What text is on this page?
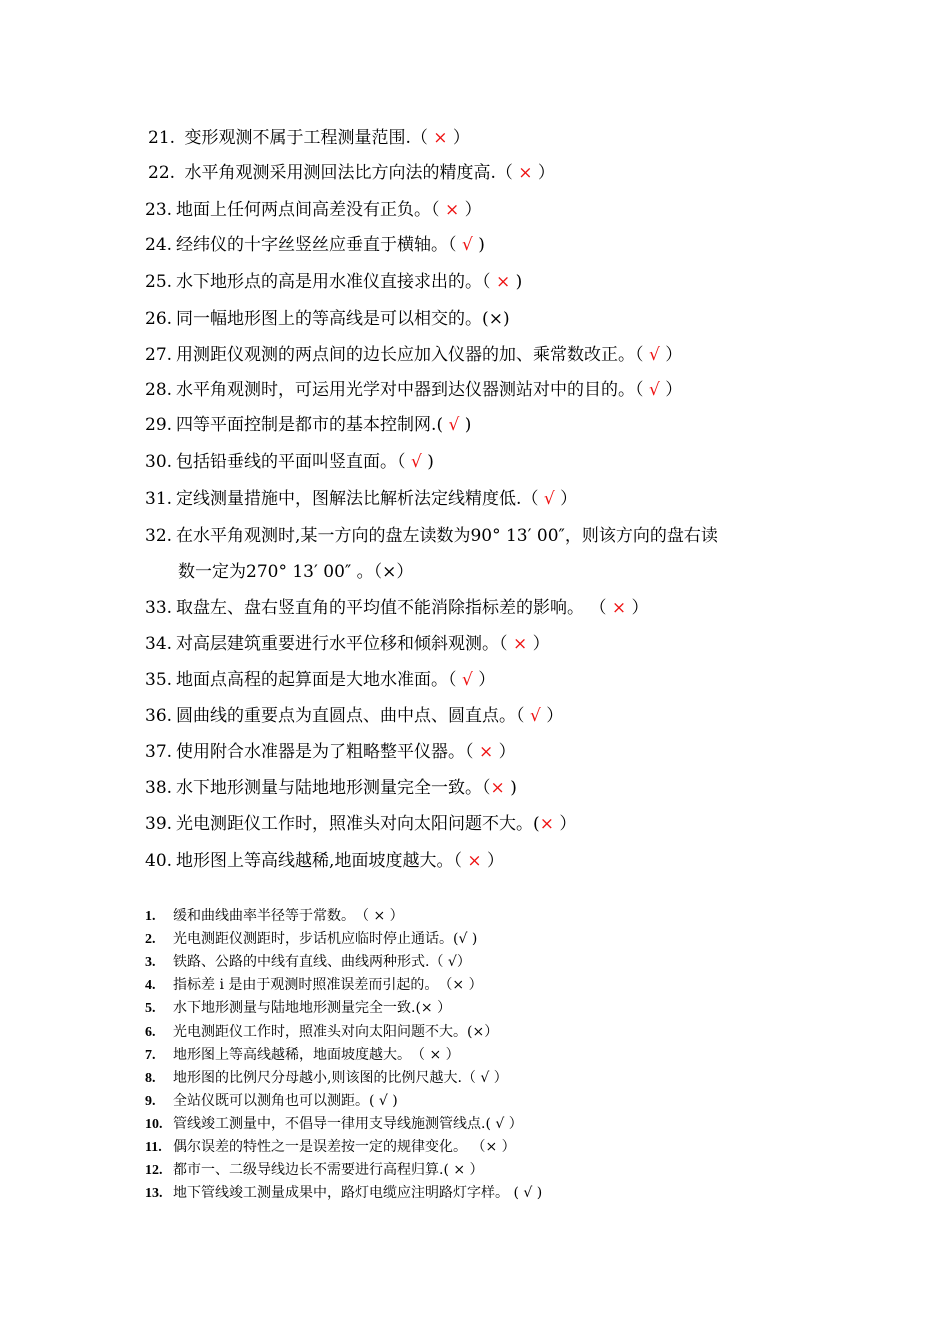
21. 变形观测不属于工程测量范围.（ × ）
22. 水平角观测采用测回法比方向法的精度高.（ × ）
23. 地面上任何两点间高差没有正负。（ × ）
24. 经纬仪的十字丝竖丝应垂直于横轴。（ √ )
25. 水下地形点的高是用水准仪直接求出的。（ × )
26. 同一幅地形图上的等高线是可以相交的。(×)
27. 用测距仪观测的两点间的边长应加入仪器的加、乘常数改正。（ √ ）
28. 水平角观测时，可运用光学对中器到达仪器测站对中的目的。（ √ ）
29. 四等平面控制是都市的基本控制网.( √ )
30. 包括铅垂线的平面叫竖直面。（ √ )
31. 定线测量措施中，图解法比解析法定线精度低.（ √ ）
32. 在水平角观测时,某一方向的盘左读数为90° 13′ 00″，则该方向的盘右读
数一定为270° 13′ 00″ 。（×）
33. 取盘左、盘右竖直角的平均值不能消除指标差的影响。 （ × ）
34. 对高层建筑重要进行水平位移和倾斜观测。（ × ）
35. 地面点高程的起算面是大地水准面。（ √ ）
36. 圆曲线的重要点为直圆点、曲中点、圆直点。（ √ ）
37. 使用附合水准器是为了粗略整平仪器。（ × ）
38. 水下地形测量与陆地地形测量完全一致。（× )
39. 光电测距仪工作时，照准头对向太阳问题不大。(× ）
40. 地形图上等高线越稀,地面坡度越大。（ × ）
1. 缓和曲线曲率半径等于常数。（ × ）
2. 光电测距仪测距时，步话机应临时停止通话。(√ )
3. 铁路、公路的中线有直线、曲线两种形式.（ √）
4. 指标差 i 是由于观测时照准误差而引起的。（× ）
5. 水下地形测量与陆地地形测量完全一致.(× ）
6. 光电测距仪工作时，照准头对向太阳问题不大。(×）
7. 地形图上等高线越稀，地面坡度越大。（ × ）
8. 地形图的比例尺分母越小,则该图的比例尺越大.（ √ ）
9. 全站仪既可以测角也可以测距。( √ )
10. 管线竣工测量中，不倡导一律用支导线施测管线点.( √ ）
11. 偶尔误差的特性之一是误差按一定的规律变化。 （× ）
12. 都市一、二级导线边长不需要进行高程归算.( × ）
13. 地下管线竣工测量成果中，路灯电缆应注明路灯字样。 ( √ )
